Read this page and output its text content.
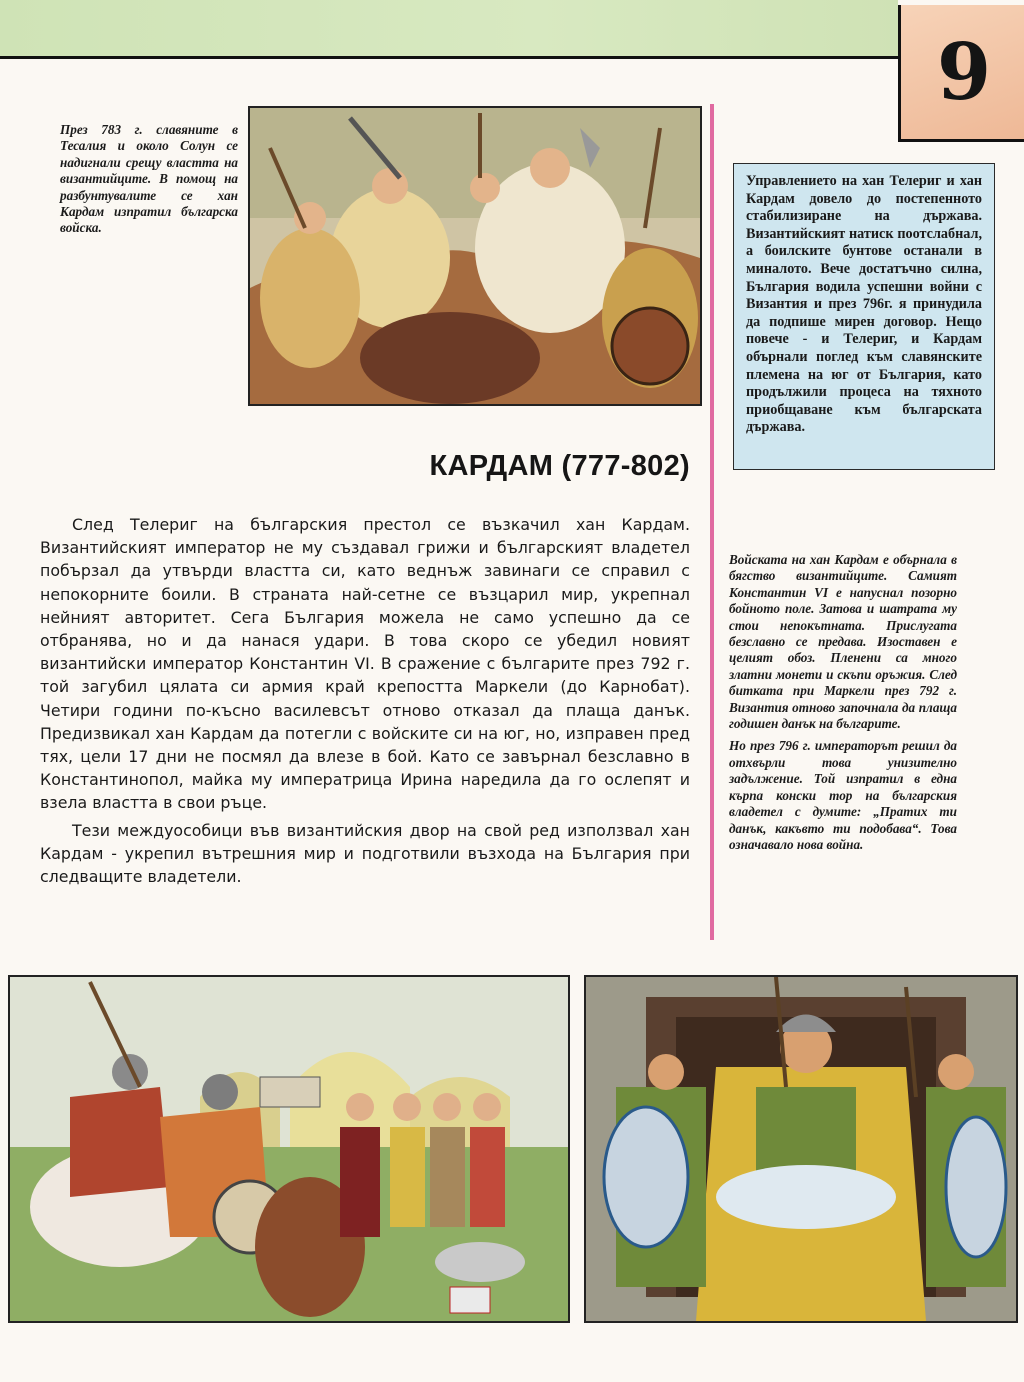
9
През 783 г. славяните в Тесалия и около Солун се надигнали срещу властта на византийците. В помощ на разбунтувалите се хан Кардам изпратил българска войска.
Управлението на хан Телериг и хан Кардам довело до постепенното стабилизиране на държава. Византийският натиск поотслабнал, а боилските бунтове останали в миналото. Вече достатъчно силна, България водила успешни войни с Византия и през 796г. я принудила да подпише мирен договор. Нещо повече - и Телериг, и Кардам обърнали поглед към славянските племена на юг от България, като продължили процеса на тяхното приобщаване към българската държава.
КАРДАМ (777-802)

След Телериг на българския престол се възкачил хан Кардам. Византийският император не му създавал грижи и българският владетел побързал да утвърди властта си, като веднъж завинаги се справил с непокорните боили. В страната най-сетне се възцарил мир, укрепнал нейният авторитет. Сега България можела не само успешно да се отбранява, но и да нанася удари. В това скоро се убедил новият византийски император Константин VI. В сражение с българите през 792 г. той загубил цялата си армия край крепостта Маркели (до Карнобат). Четири години по-късно василевсът отново отказал да плаща данък. Предизвикал хан Кардам да потегли с войските си на юг, но, изправен пред тях, цели 17 дни не посмял да влезе в бой. Като се завърнал безславно в Константинопол, майка му императрица Ирина наредила да го ослепят и взела властта в свои ръце.

Тези междуособици във византийския двор на свой ред използвал хан Кардам - укрепил вътрешния мир и подготвили възхода на България при следващите владетели.

Войската на хан Кардам е обърнала в бягство византийците. Самият Константин VI е напуснал позорно бойното поле. Затова и шатрата му стои непокътната. Прислугата безславно се предава. Изоставен е целият обоз. Пленени са много златни монети и скъпи оръжия. След битката при Маркели през 792 г. Византия отново започнала да плаща годишен данък на българите.
Но през 796 г. императорът решил да отхвърли това унизително задължение. Той изпратил в една кърпа конски тор на българския владетел с думите: „Пратих ти данък, какъвто ти подобава“. Това означавало нова война.
